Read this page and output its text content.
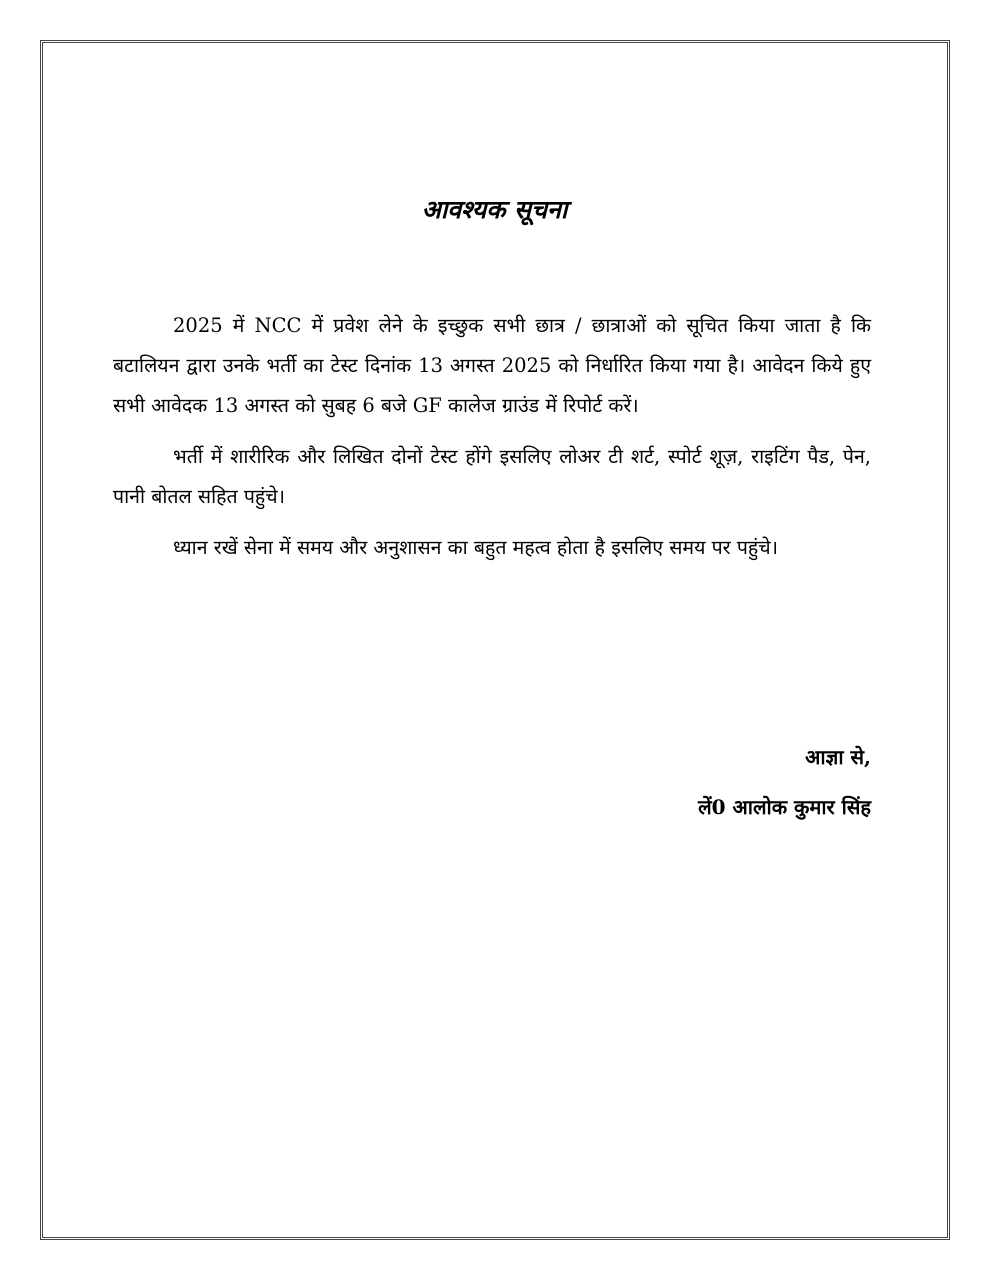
आवश्यक सूचना

2025 में NCC में प्रवेश लेने के इच्छुक सभी छात्र / छात्राओं को सूचित किया जाता है कि बटालियन द्वारा उनके भर्ती का टेस्ट दिनांक 13 अगस्त 2025 को निर्धारित किया गया है। आवेदन किये हुए सभी आवेदक 13 अगस्त को सुबह 6 बजे GF कालेज ग्राउंड में रिपोर्ट करें।

भर्ती में शारीरिक और लिखित दोनों टेस्ट होंगे इसलिए लोअर टी शर्ट, स्पोर्ट शूज़, राइटिंग पैड, पेन, पानी बोतल सहित पहुंचे।

ध्यान रखें सेना में समय और अनुशासन का बहुत महत्व होता है इसलिए समय पर पहुंचे।

आज्ञा से,
लें0 आलोक कुमार सिंह
